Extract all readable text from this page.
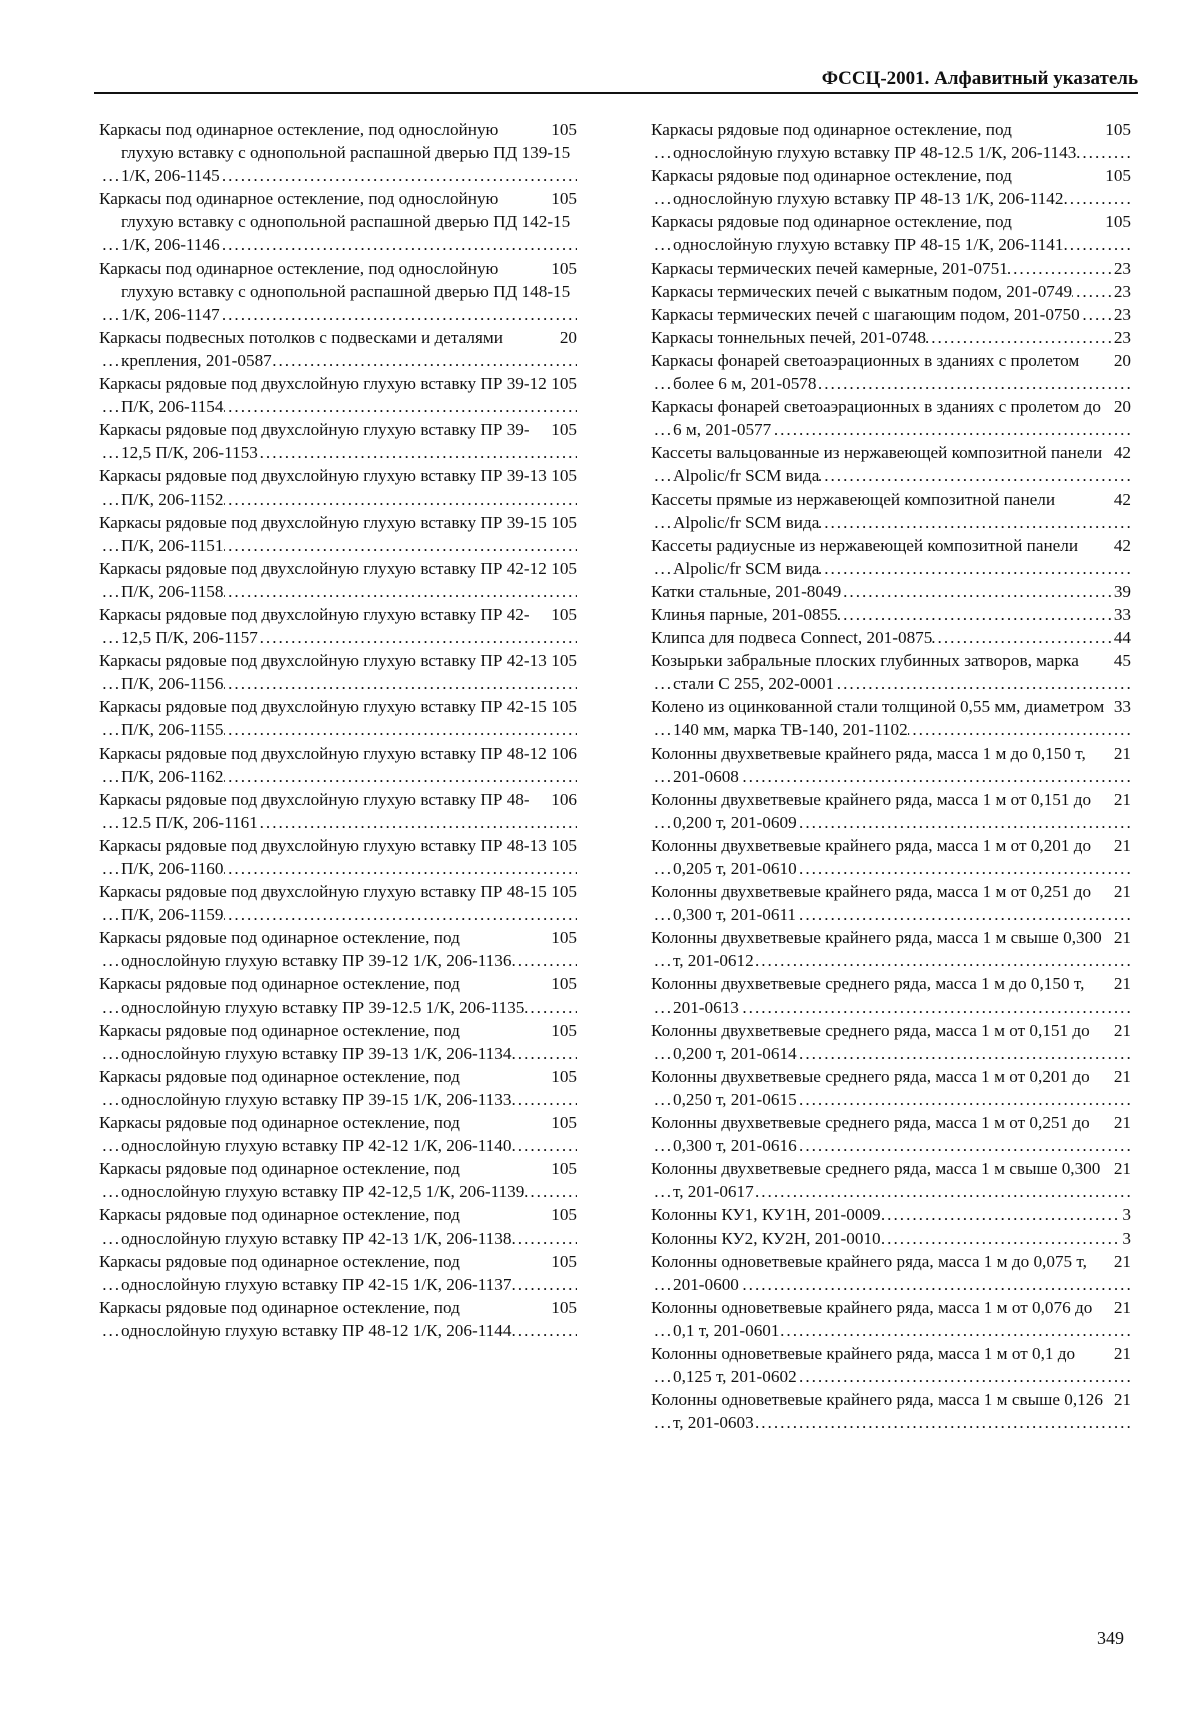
ФССЦ-2001. Алфавитный указатель
.....
105
Каркасы под одинарное остекление, под однослойную глухую вставку с однопольной распашной дверью ПД 139-15 1/К, 206-1145
.....
105
Каркасы под одинарное остекление, под однослойную глухую вставку с однопольной распашной дверью ПД 142-15 1/К, 206-1146
.....
105
Каркасы под одинарное остекление, под однослойную глухую вставку с однопольной распашной дверью ПД 148-15 1/К, 206-1147
.....
20
Каркасы подвесных потолков с подвесками и деталями крепления, 201-0587
.....
105
Каркасы рядовые под двухслойную глухую вставку ПР 39-12 П/К, 206-1154
.....
105
Каркасы рядовые под двухслойную глухую вставку ПР 39-12,5 П/К, 206-1153
.....
105
Каркасы рядовые под двухслойную глухую вставку ПР 39-13 П/К, 206-1152
.....
105
Каркасы рядовые под двухслойную глухую вставку ПР 39-15 П/К, 206-1151
.....
105
Каркасы рядовые под двухслойную глухую вставку ПР 42-12 П/К, 206-1158
.....
105
Каркасы рядовые под двухслойную глухую вставку ПР 42-12,5 П/К, 206-1157
.....
105
Каркасы рядовые под двухслойную глухую вставку ПР 42-13 П/К, 206-1156
.....
105
Каркасы рядовые под двухслойную глухую вставку ПР 42-15 П/К, 206-1155
.....
106
Каркасы рядовые под двухслойную глухую вставку ПР 48-12 П/К, 206-1162
.....
106
Каркасы рядовые под двухслойную глухую вставку ПР 48-12.5 П/К, 206-1161
.....
105
Каркасы рядовые под двухслойную глухую вставку ПР 48-13 П/К, 206-1160
.....
105
Каркасы рядовые под двухслойную глухую вставку ПР 48-15 П/К, 206-1159
.....
105
Каркасы рядовые под одинарное остекление, под однослойную глухую вставку ПР 39-12 1/К, 206-1136
.....
105
Каркасы рядовые под одинарное остекление, под однослойную глухую вставку ПР 39-12.5 1/К, 206-1135
.....
105
Каркасы рядовые под одинарное остекление, под однослойную глухую вставку ПР 39-13 1/К, 206-1134
.....
105
Каркасы рядовые под одинарное остекление, под однослойную глухую вставку ПР 39-15 1/К, 206-1133
.....
105
Каркасы рядовые под одинарное остекление, под однослойную глухую вставку ПР 42-12 1/К, 206-1140
.....
105
Каркасы рядовые под одинарное остекление, под однослойную глухую вставку ПР 42-12,5 1/К, 206-1139
.....
105
Каркасы рядовые под одинарное остекление, под однослойную глухую вставку ПР 42-13 1/К, 206-1138
.....
105
Каркасы рядовые под одинарное остекление, под однослойную глухую вставку ПР 42-15 1/К, 206-1137
.....
105
Каркасы рядовые под одинарное остекление, под однослойную глухую вставку ПР 48-12 1/К, 206-1144
.....
105
Каркасы рядовые под одинарное остекление, под однослойную глухую вставку ПР 48-12.5 1/К, 206-1143
.....
105
Каркасы рядовые под одинарное остекление, под однослойную глухую вставку ПР 48-13 1/К, 206-1142
.....
105
Каркасы рядовые под одинарное остекление, под однослойную глухую вставку ПР 48-15 1/К, 206-1141
.....
23
Каркасы термических печей камерные, 201-0751
.....
23
Каркасы термических печей с выкатным подом, 201-0749
.....
23
Каркасы термических печей с шагающим подом, 201-0750
.....
23
Каркасы тоннельных печей, 201-0748
.....
20
Каркасы фонарей светоаэрационных в зданиях с пролетом более 6 м, 201-0578
.....
20
Каркасы фонарей светоаэрационных в зданиях с пролетом до 6 м, 201-0577
.....
42
Кассеты вальцованные из нержавеющей композитной панели Alpolic/fr SCM вида
.....
42
Кассеты прямые из нержавеющей композитной панели Alpolic/fr SCM вида
.....
42
Кассеты радиусные из нержавеющей композитной панели Alpolic/fr SCM вида
.....
39
Катки стальные, 201-8049
.....
33
Клинья парные, 201-0855
.....
44
Клипса для подвеса Connect, 201-0875
.....
45
Козырьки забральные плоских глубинных затворов, марка стали С 255, 202-0001
.....
33
Колено из оцинкованной стали толщиной 0,55 мм, диаметром 140 мм, марка ТВ-140, 201-1102
.....
21
Колонны двухветвевые крайнего ряда, масса 1 м до 0,150 т, 201-0608
.....
21
Колонны двухветвевые крайнего ряда, масса 1 м от 0,151 до 0,200 т, 201-0609
.....
21
Колонны двухветвевые крайнего ряда, масса 1 м от 0,201 до 0,205 т, 201-0610
.....
21
Колонны двухветвевые крайнего ряда, масса 1 м от 0,251 до 0,300 т, 201-0611
.....
21
Колонны двухветвевые крайнего ряда, масса 1 м свыше 0,300 т, 201-0612
.....
21
Колонны двухветвевые среднего ряда, масса 1 м до 0,150 т, 201-0613
.....
21
Колонны двухветвевые среднего ряда, масса 1 м от 0,151 до 0,200 т, 201-0614
.....
21
Колонны двухветвевые среднего ряда, масса 1 м от 0,201 до 0,250 т, 201-0615
.....
21
Колонны двухветвевые среднего ряда, масса 1 м от 0,251 до 0,300 т, 201-0616
.....
21
Колонны двухветвевые среднего ряда, масса 1 м свыше 0,300 т, 201-0617
.....
3
Колонны КУ1, КУ1Н, 201-0009
.....
3
Колонны КУ2, КУ2Н, 201-0010
.....
21
Колонны одноветвевые крайнего ряда, масса 1 м до 0,075 т, 201-0600
.....
21
Колонны одноветвевые крайнего ряда, масса 1 м от 0,076 до 0,1 т, 201-0601
.....
21
Колонны одноветвевые крайнего ряда, масса 1 м от 0,1 до 0,125 т, 201-0602
.....
21
Колонны одноветвевые крайнего ряда, масса 1 м свыше 0,126 т, 201-0603
349
